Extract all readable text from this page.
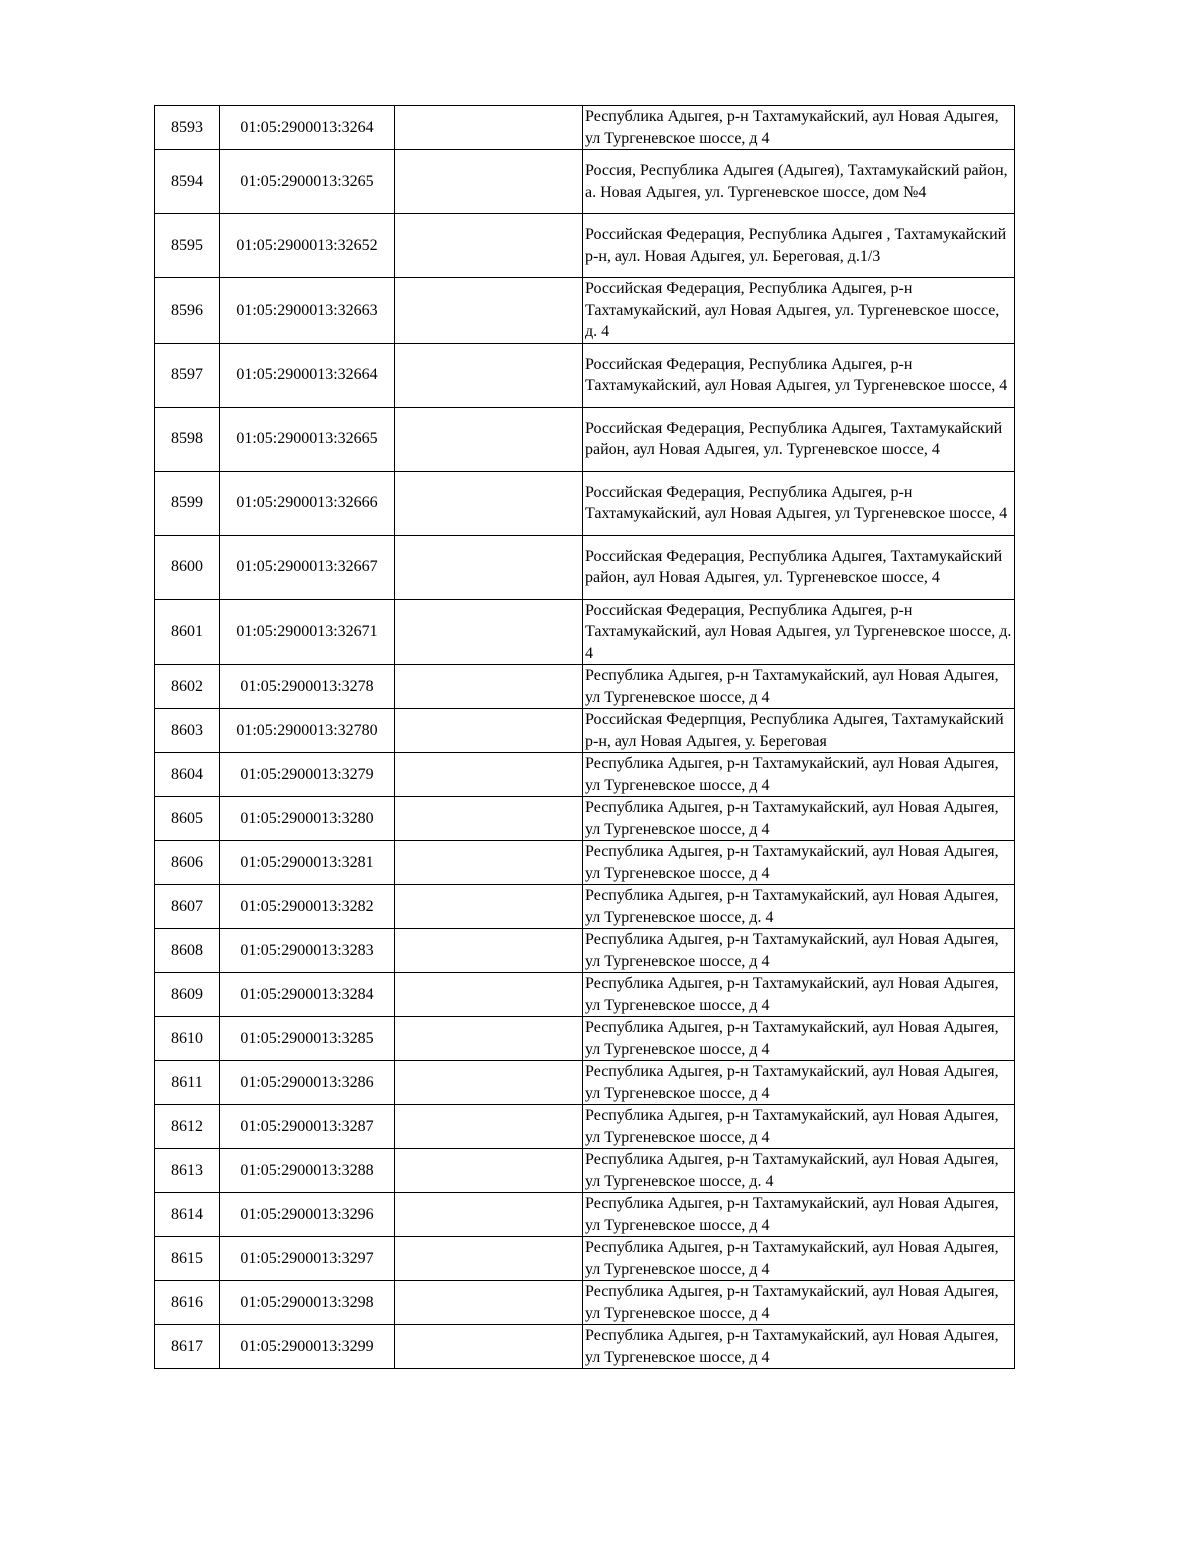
8593	01:05:2900013:3264		Республика Адыгея, р-н Тахтамукайский, аул Новая Адыгея, ул Тургеневское шоссе, д 4
8594	01:05:2900013:3265		Россия, Республика Адыгея (Адыгея), Тахтамукайский район, а. Новая Адыгея, ул. Тургеневское шоссе, дом №4
8595	01:05:2900013:32652		Российская Федерация, Республика Адыгея , Тахтамукайский р-н, аул. Новая Адыгея, ул. Береговая, д.1/3
8596	01:05:2900013:32663		Российская Федерация, Республика Адыгея, р-н Тахтамукайский, аул Новая Адыгея, ул. Тургеневское шоссе, д. 4
8597	01:05:2900013:32664		Российская Федерация, Республика Адыгея, р-н Тахтамукайский, аул Новая Адыгея, ул Тургеневское шоссе, 4
8598	01:05:2900013:32665		Российская Федерация, Республика Адыгея, Тахтамукайский район, аул Новая Адыгея, ул. Тургеневское шоссе, 4
8599	01:05:2900013:32666		Российская Федерация, Республика Адыгея, р-н Тахтамукайский, аул Новая Адыгея, ул Тургеневское шоссе, 4
8600	01:05:2900013:32667		Российская Федерация, Республика Адыгея, Тахтамукайский район, аул Новая Адыгея, ул. Тургеневское шоссе, 4
8601	01:05:2900013:32671		Российская Федерация, Республика Адыгея, р-н Тахтамукайский, аул Новая Адыгея, ул Тургеневское шоссе, д. 4
8602	01:05:2900013:3278		Республика Адыгея, р-н Тахтамукайский, аул Новая Адыгея, ул Тургеневское шоссе, д 4
8603	01:05:2900013:32780		Российская Федерпция, Республика Адыгея, Тахтамукайский р-н, аул Новая Адыгея, у. Береговая
8604	01:05:2900013:3279		Республика Адыгея, р-н Тахтамукайский, аул Новая Адыгея, ул Тургеневское шоссе, д 4
8605	01:05:2900013:3280		Республика Адыгея, р-н Тахтамукайский, аул Новая Адыгея, ул Тургеневское шоссе, д 4
8606	01:05:2900013:3281		Республика Адыгея, р-н Тахтамукайский, аул Новая Адыгея, ул Тургеневское шоссе, д 4
8607	01:05:2900013:3282		Республика Адыгея, р-н Тахтамукайский, аул Новая Адыгея, ул Тургеневское шоссе, д. 4
8608	01:05:2900013:3283		Республика Адыгея, р-н Тахтамукайский, аул Новая Адыгея, ул Тургеневское шоссе, д 4
8609	01:05:2900013:3284		Республика Адыгея, р-н Тахтамукайский, аул Новая Адыгея, ул Тургеневское шоссе, д 4
8610	01:05:2900013:3285		Республика Адыгея, р-н Тахтамукайский, аул Новая Адыгея, ул Тургеневское шоссе, д 4
8611	01:05:2900013:3286		Республика Адыгея, р-н Тахтамукайский, аул Новая Адыгея, ул Тургеневское шоссе, д 4
8612	01:05:2900013:3287		Республика Адыгея, р-н Тахтамукайский, аул Новая Адыгея, ул Тургеневское шоссе, д 4
8613	01:05:2900013:3288		Республика Адыгея, р-н Тахтамукайский, аул Новая Адыгея, ул Тургеневское шоссе, д. 4
8614	01:05:2900013:3296		Республика Адыгея, р-н Тахтамукайский, аул Новая Адыгея, ул Тургеневское шоссе, д 4
8615	01:05:2900013:3297		Республика Адыгея, р-н Тахтамукайский, аул Новая Адыгея, ул Тургеневское шоссе, д 4
8616	01:05:2900013:3298		Республика Адыгея, р-н Тахтамукайский, аул Новая Адыгея, ул Тургеневское шоссе, д 4
8617	01:05:2900013:3299		Республика Адыгея, р-н Тахтамукайский, аул Новая Адыгея, ул Тургеневское шоссе, д 4
